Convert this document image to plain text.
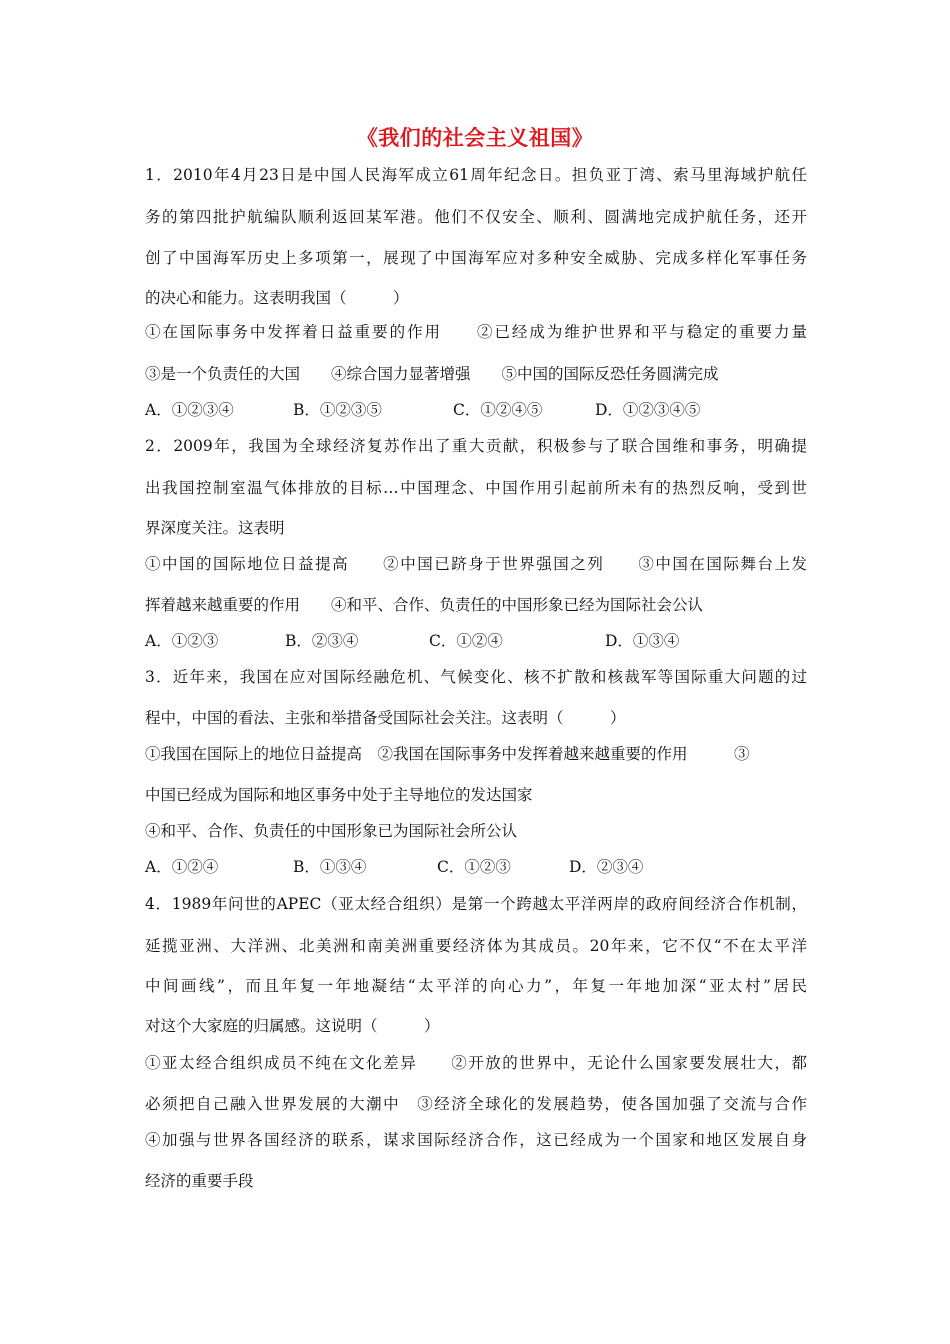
《我们的社会主义祖国》
1．2010年4月23日是中国人民海军成立61周年纪念日。担负亚丁湾、索马里海域护航任
务的第四批护航编队顺利返回某军港。他们不仅安全、顺利、圆满地完成护航任务，还开
创了中国海军历史上多项第一，展现了中国海军应对多种安全威胁、完成多样化军事任务
的决心和能力。这表明我国（　　　）
①在国际事务中发挥着日益重要的作用　　②已经成为维护世界和平与稳定的重要力量
③是一个负责任的大国　　④综合国力显著增强　　⑤中国的国际反恐任务圆满完成
A．①②③④	B．①②③⑤	C．①②④⑤	D．①②③④⑤
2．2009年，我国为全球经济复苏作出了重大贡献，积极参与了联合国维和事务，明确提
出我国控制室温气体排放的目标…中国理念、中国作用引起前所未有的热烈反响，受到世
界深度关注。这表明
①中国的国际地位日益提高　　②中国已跻身于世界强国之列　　③中国在国际舞台上发
挥着越来越重要的作用　　④和平、合作、负责任的中国形象已经为国际社会公认
A．①②③	B．②③④	C．①②④	D．①③④
3．近年来，我国在应对国际经融危机、气候变化、核不扩散和核裁军等国际重大问题的过
程中，中国的看法、主张和举措备受国际社会关注。这表明（　　　）
①我国在国际上的地位日益提高　②我国在国际事务中发挥着越来越重要的作用　　　③
中国已经成为国际和地区事务中处于主导地位的发达国家
④和平、合作、负责任的中国形象已为国际社会所公认
A．①②④	B．①③④	C．①②③	D．②③④
4．1989年问世的APEC（亚太经合组织）是第一个跨越太平洋两岸的政府间经济合作机制，
延揽亚洲、大洋洲、北美洲和南美洲重要经济体为其成员。20年来，它不仅“不在太平洋
中间画线”，而且年复一年地凝结“太平洋的向心力”，年复一年地加深“亚太村”居民
对这个大家庭的归属感。这说明（　　　）
①亚太经合组织成员不纯在文化差异　　②开放的世界中，无论什么国家要发展壮大，都
必须把自己融入世界发展的大潮中　③经济全球化的发展趋势，使各国加强了交流与合作
④加强与世界各国经济的联系，谋求国际经济合作，这已经成为一个国家和地区发展自身
经济的重要手段
